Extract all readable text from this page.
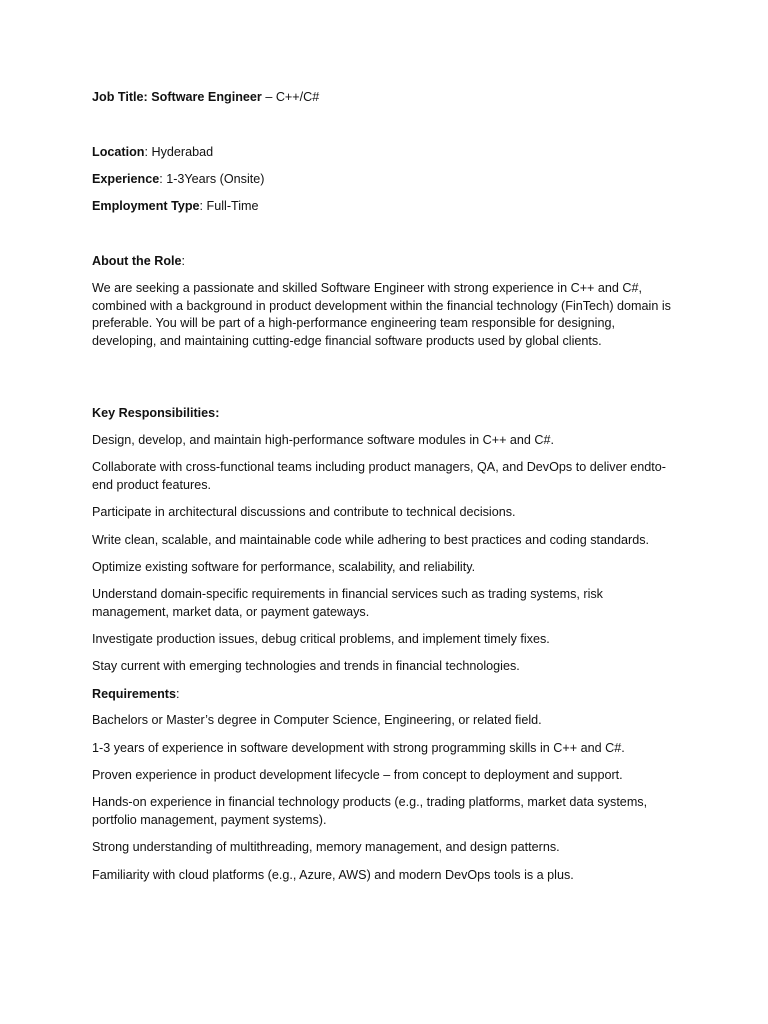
Job Title: Software Engineer – C++/C#
Location: Hyderabad
Experience: 1-3Years (Onsite)
Employment Type: Full-Time
About the Role:
We are seeking a passionate and skilled Software Engineer with strong experience in C++ and C#, combined with a background in product development within the financial technology (FinTech) domain is preferable. You will be part of a high-performance engineering team responsible for designing, developing, and maintaining cutting-edge financial software products used by global clients.
Key Responsibilities:
Design, develop, and maintain high-performance software modules in C++ and C#.
Collaborate with cross-functional teams including product managers, QA, and DevOps to deliver endto-end product features.
Participate in architectural discussions and contribute to technical decisions.
Write clean, scalable, and maintainable code while adhering to best practices and coding standards.
Optimize existing software for performance, scalability, and reliability.
Understand domain-specific requirements in financial services such as trading systems, risk management, market data, or payment gateways.
Investigate production issues, debug critical problems, and implement timely fixes.
Stay current with emerging technologies and trends in financial technologies.
Requirements:
Bachelors or Master’s degree in Computer Science, Engineering, or related field.
1-3 years of experience in software development with strong programming skills in C++ and C#.
Proven experience in product development lifecycle – from concept to deployment and support.
Hands-on experience in financial technology products (e.g., trading platforms, market data systems, portfolio management, payment systems).
Strong understanding of multithreading, memory management, and design patterns.
Familiarity with cloud platforms (e.g., Azure, AWS) and modern DevOps tools is a plus.
